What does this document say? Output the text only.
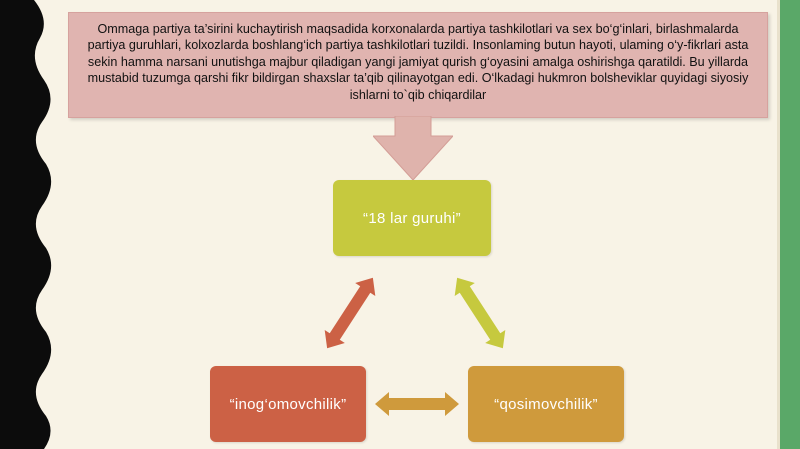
Ommaga partiya ta’sirini kuchaytirish maqsadida korxonalarda partiya tashkilotlari va sex bo‘g‘inlari, birlashmalarda partiya guruhlari, kolxozlarda boshlang‘ich partiya tashkilotlari tuzildi. Insonlaming butun hayoti, ulaming o‘y-fikrlari asta sekin hamma narsani unutishga majbur qiladigan yangi jamiyat qurish g‘oyasini amalga oshirishga qaratildi. Bu yillarda mustabid tuzumga qarshi fikr bildirgan shaxslar ta’qib qilinayotgan edi. O‘lkadagi hukmron bolsheviklar quyidagi siyosiy ishlarni to`qib chiqardilar
“18 lar guruhi”
“inog‘omovchilik”	“qosimovchilik”
